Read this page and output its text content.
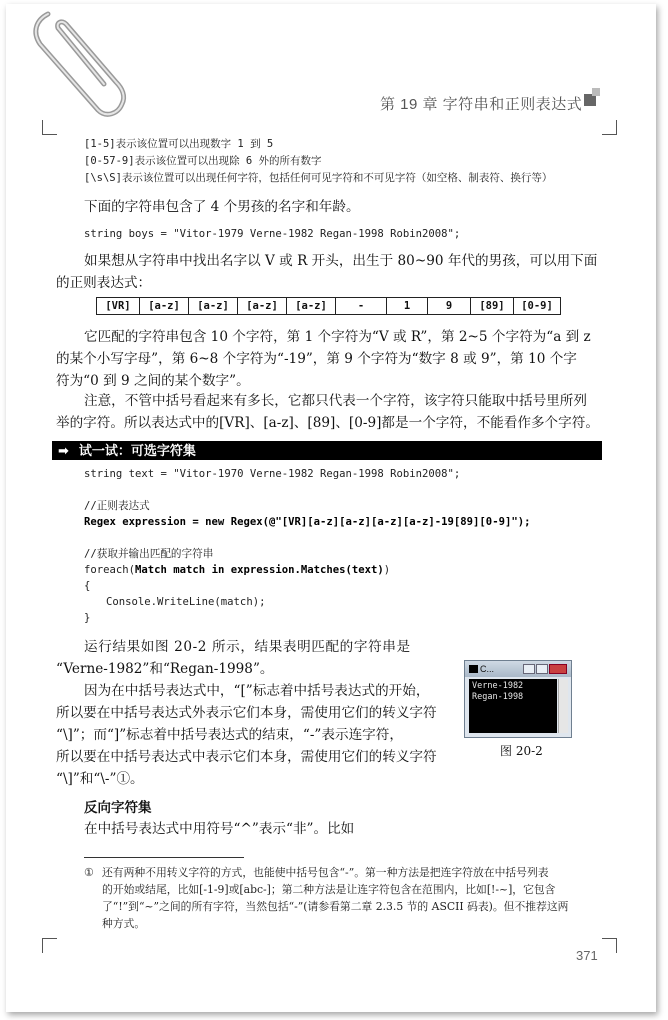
第 19 章 字符串和正则表达式
[1-5]表示该位置可以出现数字 1 到 5
[0-57-9]表示该位置可以出现除 6 外的所有数字
[\s\S]表示该位置可以出现任何字符，包括任何可见字符和不可见字符（如空格、制表符、换行等）
下面的字符串包含了 4 个男孩的名字和年龄。
string boys = "Vitor-1979 Verne-1982 Regan-1998 Robin2008";
如果想从字符串中找出名字以 V 或 R 开头，出生于 80~90 年代的男孩，可以用下面
的正则表达式：
[VR]	[a-z]	[a-z]	[a-z]	[a-z]	-	1	9	[89]	[0-9]
它匹配的字符串包含 10 个字符，第 1 个字符为“V 或 R”，第 2~5 个字符为“a 到 z
的某个小写字母”，第 6~8 个字符为“-19”，第 9 个字符为“数字 8 或 9”，第 10 个字
符为“0 到 9 之间的某个数字”。
注意，不管中括号看起来有多长，它都只代表一个字符，该字符只能取中括号里所列
举的字符。所以表达式中的[VR]、[a-z]、[89]、[0-9]都是一个字符，不能看作多个字符。
➡ 试一试：可选字符集
string text = "Vitor-1970 Verne-1982 Regan-1998 Robin2008";
//正则表达式
Regex expression = new Regex(@"[VR][a-z][a-z][a-z][a-z]-19[89][0-9]");
//获取并输出匹配的字符串
foreach(Match match in expression.Matches(text))
{
Console.WriteLine(match);
}
运行结果如图 20-2 所示，结果表明匹配的字符串是
“Verne-1982”和“Regan-1998”。
因为在中括号表达式中，“[”标志着中括号表达式的开始，
所以要在中括号表达式外表示它们本身，需使用它们的转义字符
“\]”；而“]”标志着中括号表达式的结束，“-”表示连字符，
所以要在中括号表达式中表示它们本身，需使用它们的转义字符
“\]”和“\-”①。
C...
Verne-1982
Regan-1998
图 20-2
反向字符集
在中括号表达式中用符号“^”表示“非”。比如
① 还有两种不用转义字符的方式，也能使中括号包含“-”。第一种方法是把连字符放在中括号列表
的开始或结尾，比如[-1-9]或[abc-]；第二种方法是让连字符包含在范围内，比如[!-~]，它包含
了“!”到“~”之间的所有字符，当然包括“-”(请参看第二章 2.3.5 节的 ASCII 码表)。但不推荐这两
种方式。
371
